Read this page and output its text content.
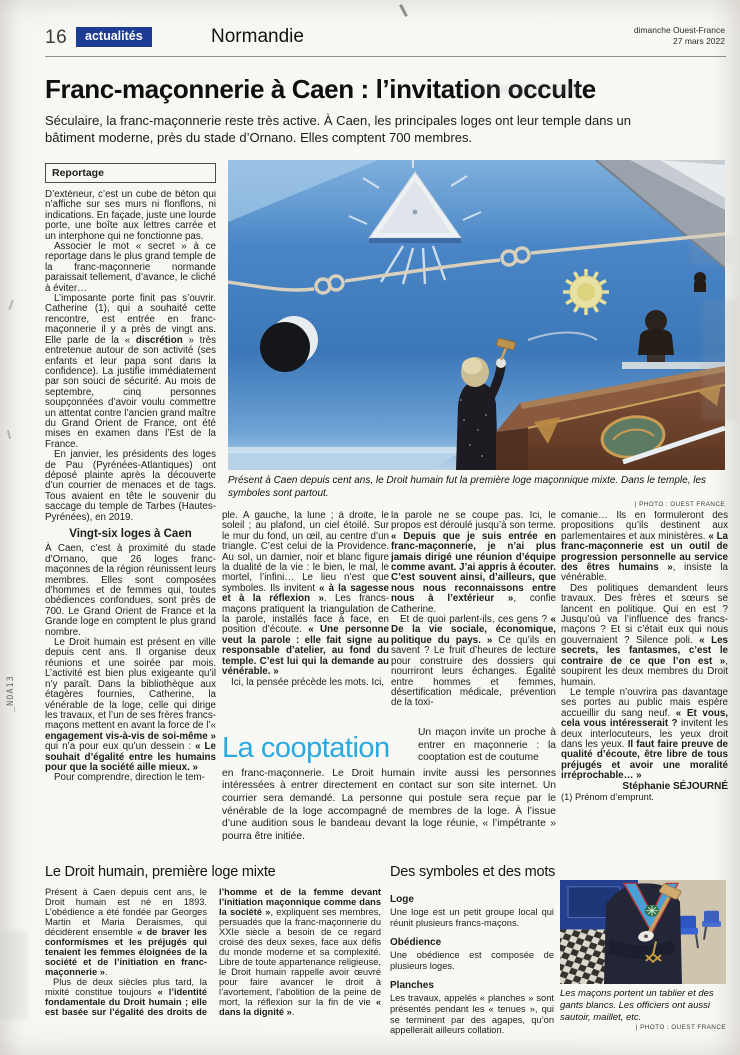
16	actualités	Normandie	dimanche Ouest-France
27 mars 2022
Franc-maçonnerie à Caen : l’invitation occulte

Séculaire, la franc-maçonnerie reste très active. À Caen, les principales loges ont leur temple dans un bâtiment moderne, près du stade d’Ornano. Elles comptent 700 membres.

Reportage

D’extérieur, c’est un cube de béton qui n’affiche sur ses murs ni flonflons, ni indications. En façade, juste une lourde porte, une boîte aux lettres carrée et un interphone qui ne fonctionne pas.

Associer le mot « secret » à ce reportage dans le plus grand temple de la franc-maçonnerie normande paraissait tellement, d’avance, le cliché à éviter…

L’imposante porte finit pas s’ouvrir. Catherine (1), qui a souhaité cette rencontre, est entrée en franc-maçonnerie il y a près de vingt ans. Elle parle de la « discrétion » très entretenue autour de son activité (ses enfants et leur papa sont dans la confidence). La justifie immédiatement par son souci de sécurité. Au mois de septembre, cinq personnes soupçonnées d’avoir voulu commettre un attentat contre l’ancien grand maître du Grand Orient de France, ont été mises en examen dans l’Est de la France.

En janvier, les présidents des loges de Pau (Pyrénées-Atlantiques) ont déposé plainte après la découverte d’un courrier de menaces et de tags. Tous avaient en tête le souvenir du saccage du temple de Tarbes (Hautes-Pyrénées), en 2019.

Vingt-six loges à Caen

À Caen, c’est à proximité du stade d’Ornano, que 26 loges franc-maçonnes de la région réunissent leurs membres. Elles sont composées d’hommes et de femmes qui, toutes obédiences confondues, sont près de 700. Le Grand Orient de France et la Grande loge en comptent le plus grand nombre.

Le Droit humain est présent en ville depuis cent ans. Il organise deux réunions et une soirée par mois. L’activité est bien plus exigeante qu’il n’y paraît. Dans la bibliothèque aux étagères fournies, Catherine, la vénérable de la loge, celle qui dirige les travaux, et l’un de ses frères francs-maçons mettent en avant la force de l’« engagement vis-à-vis de soi-même » qui n’a pour eux qu’un dessein : « Le souhait d’égalité entre les humains pour que la société aille mieux. »

Pour comprendre, direction le tem-

Présent à Caen depuis cent ans, le Droit humain fut la première loge maçonnique mixte. Dans le temple, les symboles sont partout.
| PHOTO : OUEST FRANCE

ple. À gauche, la lune ; à droite, le soleil ; au plafond, un ciel étoilé. Sur le mur du fond, un œil, au centre d’un triangle. C’est celui de la Providence. Au sol, un damier, noir et blanc figure la dualité de la vie : le bien, le mal, le mortel, l’infini… Le lieu n’est que symboles. Ils invitent « à la sagesse et à la réflexion ». Les francs-maçons pratiquent la triangulation de la parole, installés face à face, en position d’écoute. « Une personne veut la parole : elle fait signe au responsable d’atelier, au fond du temple. C’est lui qui la demande au vénérable. »

Ici, la pensée précède les mots. Ici,

la parole ne se coupe pas. Ici, le propos est déroulé jusqu’à son terme. « Depuis que je suis entrée en franc-maçonnerie, je n’ai plus jamais dirigé une réunion d’équipe comme avant. J’ai appris à écouter. C’est souvent ainsi, d’ailleurs, que nous nous reconnaissons entre nous à l’extérieur », confie Catherine.

Et de quoi parlent-ils, ces gens ? « De la vie sociale, économique, politique du pays. » Ce qu’ils en savent ? Le fruit d’heures de lecture pour construire des dossiers qui nourriront leurs échanges. Égalité entre hommes et femmes, désertification médicale, prévention de la toxi-

comanie… Ils en formuleront des propositions qu’ils destinent aux parlementaires et aux ministères. « La franc-maçonnerie est un outil de progression personnelle au service des êtres humains », insiste la vénérable.

Des politiques demandent leurs travaux. Des frères et sœurs se lancent en politique. Qui en est ? Jusqu’où va l’influence des francs-maçons ? Et si c’était eux qui nous gouvernaient ? Silence poli. « Les secrets, les fantasmes, c’est le contraire de ce que l’on est », soupirent les deux membres du Droit humain.

Le temple n’ouvrira pas davantage ses portes au public mais espère accueillir du sang neuf. « Et vous, cela vous intéresserait ? invitent les deux interlocuteurs, les yeux droit dans les yeux. Il faut faire preuve de qualité d’écoute, être libre de tous préjugés et avoir une moralité irréprochable… »

Stéphanie SÉJOURNÉ

(1) Prénom d’emprunt.

La cooptation	Un maçon invite un proche à entrer en maçonnerie : la cooptation est de coutume
en franc-maçonnerie. Le Droit humain invite aussi les personnes intéressées à entrer directement en contact sur son site internet. Un courrier sera demandé. La personne qui postule sera reçue par le vénérable de la loge accompagné de membres de la loge. À l’issue d’une audition sous le bandeau devant la loge réunie, « l’impétrante » pourra être initiée.
Le Droit humain, première loge mixte

Présent à Caen depuis cent ans, le Droit humain est né en 1893. L’obédience a été fondée par Georges Martin et Maria Deraismes, qui décidèrent ensemble « de braver les conformismes et les préjugés qui tenaient les femmes éloignées de la société et de l’initiation en franc-maçonnerie ».

Plus de deux siècles plus tard, la mixité constitue toujours « l’identité fondamentale du Droit humain ; elle est basée sur l’égalité des droits de l’homme et de la femme devant l’initiation maçonnique comme dans la société », expliquent ses membres, persuadés que la franc-maçonnerie du XXIe siècle a besoin de ce regard croisé des deux sexes, face aux défis du monde moderne et sa complexité. Libre de toute appartenance religieuse, le Droit humain rappelle avoir œuvré pour faire avancer le droit à l’avortement, l’abolition de la peine de mort, la réflexion sur la fin de vie « dans la dignité ».

Des symboles et des mots
Loge

Une loge est un petit groupe local qui réunit plusieurs francs-maçons.

Obédience

Une obédience est composée de plusieurs loges.

Planches

Les travaux, appelés « planches » sont présentés pendant les « tenues », qui se terminent par des agapes, qu’on appellerait ailleurs collation.

Les maçons portent un tablier et des gants blancs. Les officiers ont aussi sautoir, maillet, etc.
| PHOTO : OUEST FRANCE
_NOA13
